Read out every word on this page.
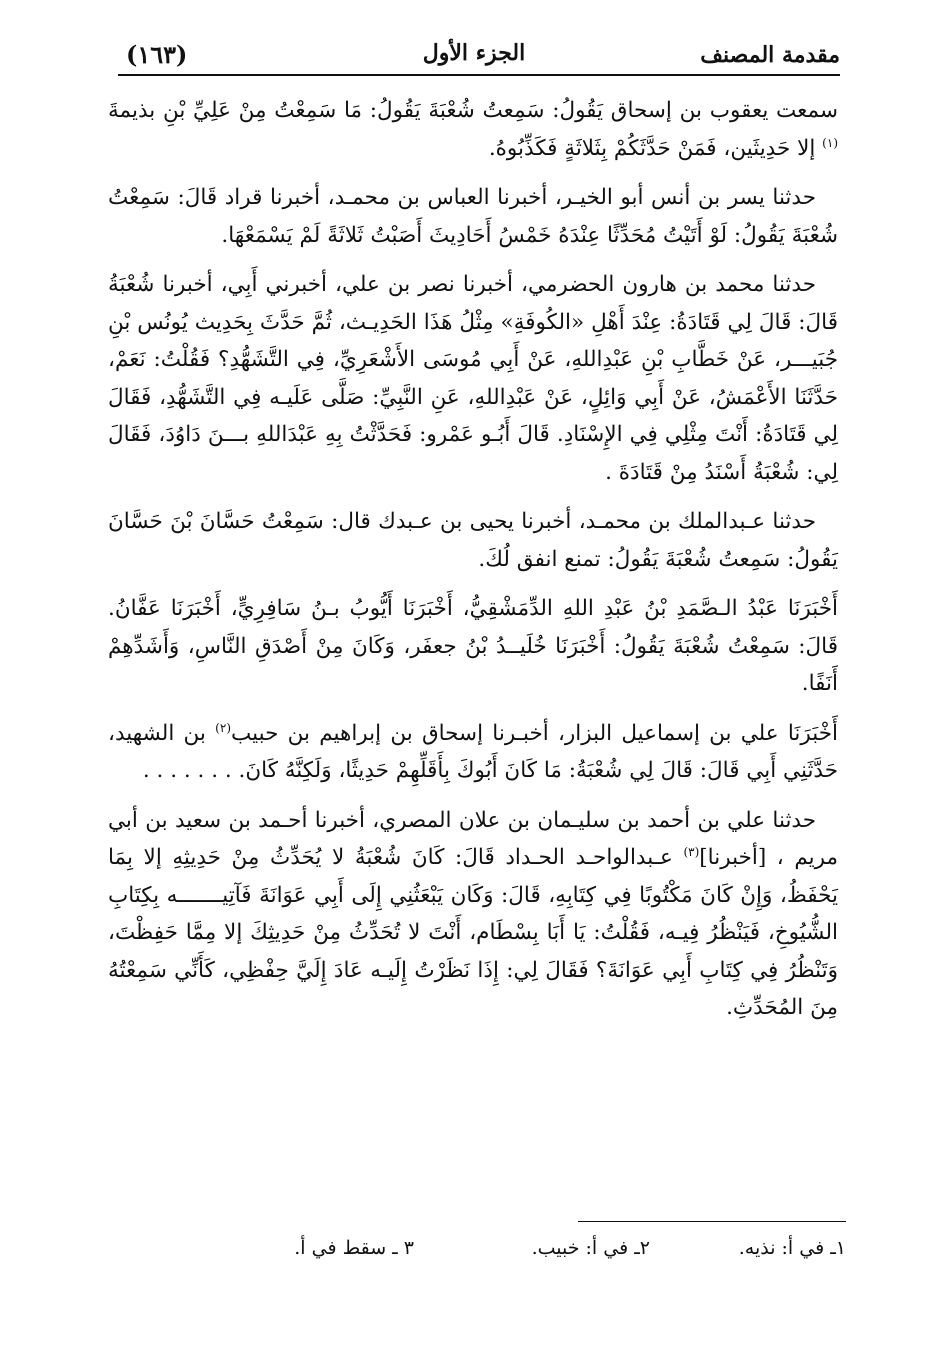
مقدمة المصنف
الجزء الأول
(١٦٣)

سمعت يعقوب بن إسحاق يَقُولُ: سَمِعتُ شُعْبَةَ يَقُولُ: مَا سَمِعْتُ مِنْ عَلِيِّ بْنِ بذيمةَ $^{(١)}$ إلا حَدِيثَين، فَمَنْ حَدَّثَكُمْ بِثَلاثَةٍ فَكَذِّبُوهُ.

حدثنا يسر بن أنس أبو الخيـر، أخبرنا العباس بن محمـد، أخبرنا قراد قَالَ: سَمِعْتُ شُعْبَةَ يَقُولُ: لَوْ أَتَيْتُ مُحَدِّثًا عِنْدَهُ خَمْسُ أَحَادِيثَ أَصَبْتُ ثَلاثَةً لَمْ يَسْمَعْهَا.

حدثنا محمد بن هارون الحضرمي، أخبرنا نصر بن علي، أخبرني أَبِي، أخبرنا شُعْبَةُ قَالَ: قَالَ لِي قَتَادَةُ: عِنْدَ أَهْلِ «الكُوفَةِ» مِثْلُ هَذَا الحَدِيـث، ثُمَّ حَدَّثَ بِحَدِيث يُونُس بْنِ جُبَيـــر، عَنْ خَطَّابِ بْنِ عَبْدِاللهِ، عَنْ أَبِي مُوسَى الأَشْعَرِيِّ، فِي التَّشَهُّدِ؟ فَقُلْتُ: نَعَمْ، حَدَّثَنَا الأَعْمَشُ، عَنْ أَبِي وَائِلٍ، عَنْ عَبْدِاللهِ، عَنِ النَّبِيِّ: صَلَّى عَلَيـه فِي التَّشَهُّدِ، فَقَالَ لِي قَتَادَةُ: أَنْتَ مِثْلِي فِي الإِسْنَادِ. قَالَ أَبُـو عَمْرو: فَحَدَّثْتُ بِهِ عَبْدَاللهِ بـــنَ دَاوُدَ، فَقَالَ لِي: شُعْبَةُ أَسْنَدُ مِنْ قَتَادَةَ .

حدثنا عـبدالملك بن محمـد، أخبرنا يحيى بن عـبدك قال: سَمِعْتُ حَسَّانَ بْنَ حَسَّانَ يَقُولُ: سَمِعتُ شُعْبَةَ يَقُولُ: تمنع انفق لُكَ.

أَخْبَرَنَا عَبْدُ الـصَّمَدِ بْنُ عَبْدِ اللهِ الدِّمَشْقِيُّ، أَخْبَرَنَا أَيُّوبُ بـنُ سَافِرِيٍّ، أَخْبَرَنَا عَفَّانُ. قَالَ: سَمِعْتُ شُعْبَةَ يَقُولُ: أَخْبَرَنَا خُلَيــدُ بْنُ جعفَر، وَكَانَ مِنْ أَصْدَقِ النَّاسِ، وَأَشَدِّهِمْ أَنَفًا.

أَخْبَرَنَا علي بن إسماعيل البزار، أخبـرنا إسحاق بن إبراهيم بن حبيب$^{(٢)}$ بن الشهيد، حَدَّثَنِي أَبِي قَالَ: قَالَ لِي شُعْبَةُ: مَا كَانَ أَبُوكَ بِأَقَلِّهِمْ حَدِيثًا، وَلَكِنَّهُ كَانَ. . . . . . . .

حدثنا علي بن أحمد بن سليـمان بن علان المصري، أخبرنا أحـمد بن سعيد بن أبي مريم ، [أخبرنا]$^{(٣)}$ عـبدالواحـد الحـداد قَالَ: كَانَ شُعْبَةُ لا يُحَدِّثُ مِنْ حَدِيثِهِ إلا بِمَا يَحْفَظُ، وَإِنْ كَانَ مَكْتُوبًا فِي كِتَابِهِ، قَالَ: وَكَان يَبْعَثُنِي إِلَى أَبِي عَوَانَةَ فَآتِيـــــــه بِكِتَابِ الشُّيُوخِ، فَيَنْظُرُ فِيـه، فَقُلْتُ: يَا أَبَا بِسْطَام، أَنْتَ لا تُحَدِّثُ مِنْ حَدِيثِكَ إلا مِمَّا حَفِظْتَ، وَتَنْظُرُ فِي كِتَابِ أَبِي عَوَانَةَ؟ فَقَالَ لِي: إِذَا نَظَرْتُ إِلَيـه عَادَ إِلَيَّ حِفْظِي، كَأَنِّي سَمِعْتُهُ مِنَ المُحَدِّثِ.

١ـ في أ: نذيه.
٢ـ في أ: خبيب.
٣ ـ سقط في أ.
